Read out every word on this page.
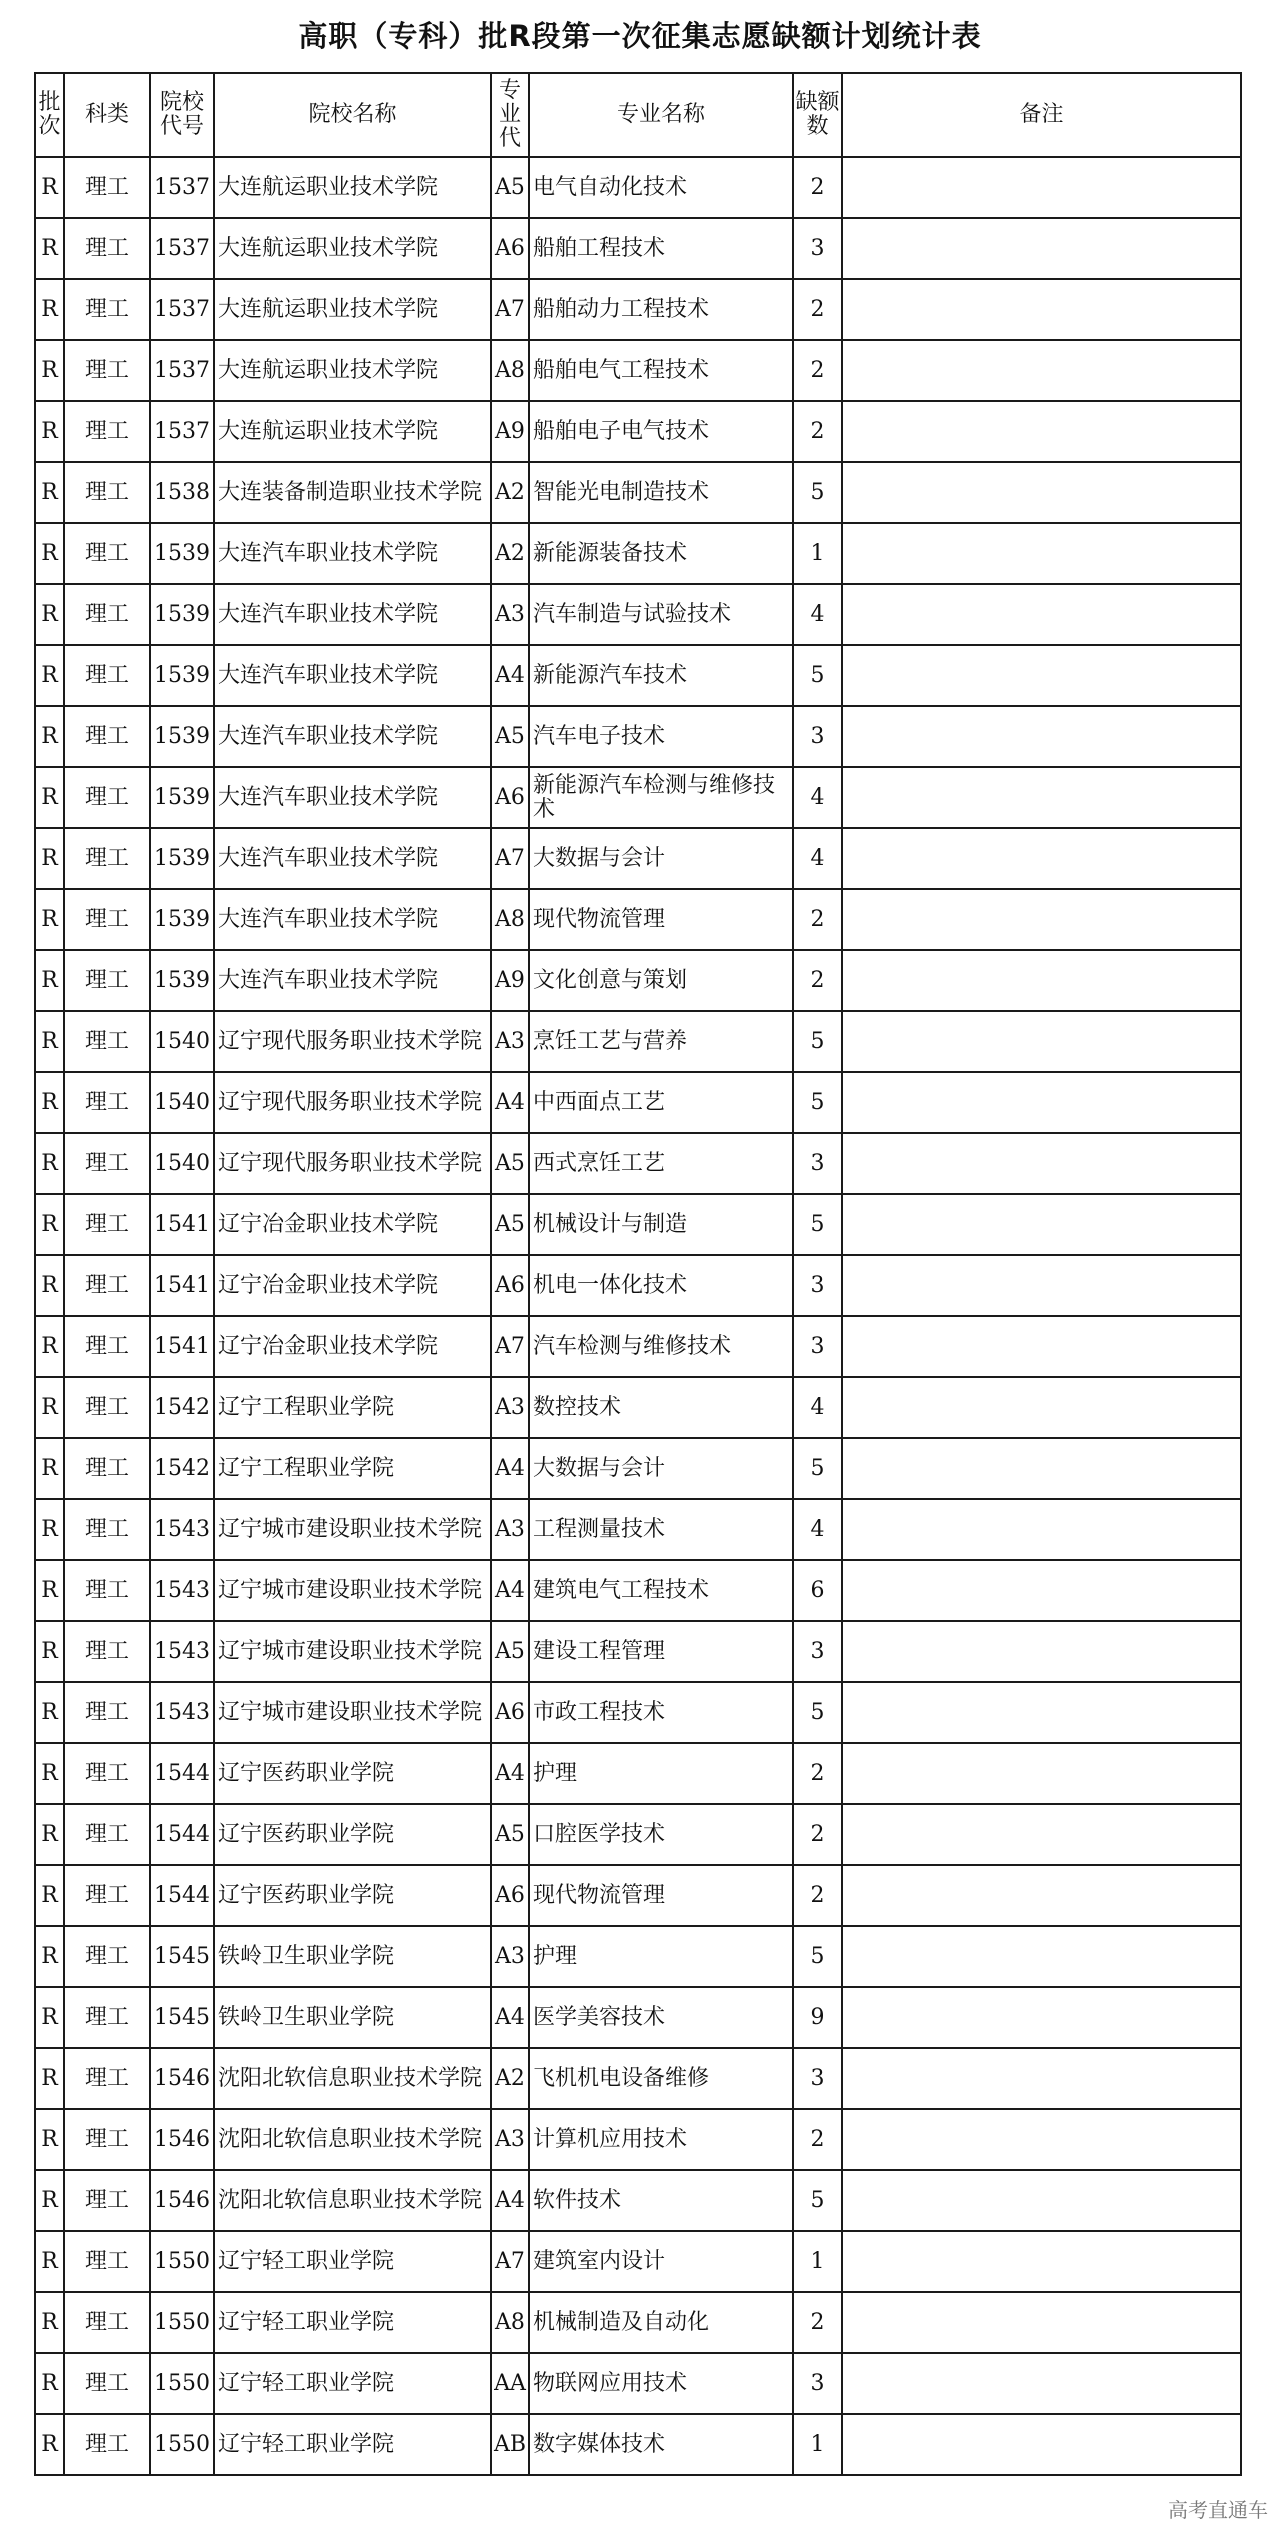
高职（专科）批R段第一次征集志愿缺额计划统计表
批次	科类	院校代号	院校名称	专业代	专业名称	缺额数	备注
R	理工	1537	大连航运职业技术学院	A5	电气自动化技术	2	
R	理工	1537	大连航运职业技术学院	A6	船舶工程技术	3	
R	理工	1537	大连航运职业技术学院	A7	船舶动力工程技术	2	
R	理工	1537	大连航运职业技术学院	A8	船舶电气工程技术	2	
R	理工	1537	大连航运职业技术学院	A9	船舶电子电气技术	2	
R	理工	1538	大连装备制造职业技术学院	A2	智能光电制造技术	5	
R	理工	1539	大连汽车职业技术学院	A2	新能源装备技术	1	
R	理工	1539	大连汽车职业技术学院	A3	汽车制造与试验技术	4	
R	理工	1539	大连汽车职业技术学院	A4	新能源汽车技术	5	
R	理工	1539	大连汽车职业技术学院	A5	汽车电子技术	3	
R	理工	1539	大连汽车职业技术学院	A6	新能源汽车检测与维修技术	4	
R	理工	1539	大连汽车职业技术学院	A7	大数据与会计	4	
R	理工	1539	大连汽车职业技术学院	A8	现代物流管理	2	
R	理工	1539	大连汽车职业技术学院	A9	文化创意与策划	2	
R	理工	1540	辽宁现代服务职业技术学院	A3	烹饪工艺与营养	5	
R	理工	1540	辽宁现代服务职业技术学院	A4	中西面点工艺	5	
R	理工	1540	辽宁现代服务职业技术学院	A5	西式烹饪工艺	3	
R	理工	1541	辽宁冶金职业技术学院	A5	机械设计与制造	5	
R	理工	1541	辽宁冶金职业技术学院	A6	机电一体化技术	3	
R	理工	1541	辽宁冶金职业技术学院	A7	汽车检测与维修技术	3	
R	理工	1542	辽宁工程职业学院	A3	数控技术	4	
R	理工	1542	辽宁工程职业学院	A4	大数据与会计	5	
R	理工	1543	辽宁城市建设职业技术学院	A3	工程测量技术	4	
R	理工	1543	辽宁城市建设职业技术学院	A4	建筑电气工程技术	6	
R	理工	1543	辽宁城市建设职业技术学院	A5	建设工程管理	3	
R	理工	1543	辽宁城市建设职业技术学院	A6	市政工程技术	5	
R	理工	1544	辽宁医药职业学院	A4	护理	2	
R	理工	1544	辽宁医药职业学院	A5	口腔医学技术	2	
R	理工	1544	辽宁医药职业学院	A6	现代物流管理	2	
R	理工	1545	铁岭卫生职业学院	A3	护理	5	
R	理工	1545	铁岭卫生职业学院	A4	医学美容技术	9	
R	理工	1546	沈阳北软信息职业技术学院	A2	飞机机电设备维修	3	
R	理工	1546	沈阳北软信息职业技术学院	A3	计算机应用技术	2	
R	理工	1546	沈阳北软信息职业技术学院	A4	软件技术	5	
R	理工	1550	辽宁轻工职业学院	A7	建筑室内设计	1	
R	理工	1550	辽宁轻工职业学院	A8	机械制造及自动化	2	
R	理工	1550	辽宁轻工职业学院	AA	物联网应用技术	3	
R	理工	1550	辽宁轻工职业学院	AB	数字媒体技术	1	
高考直通车
